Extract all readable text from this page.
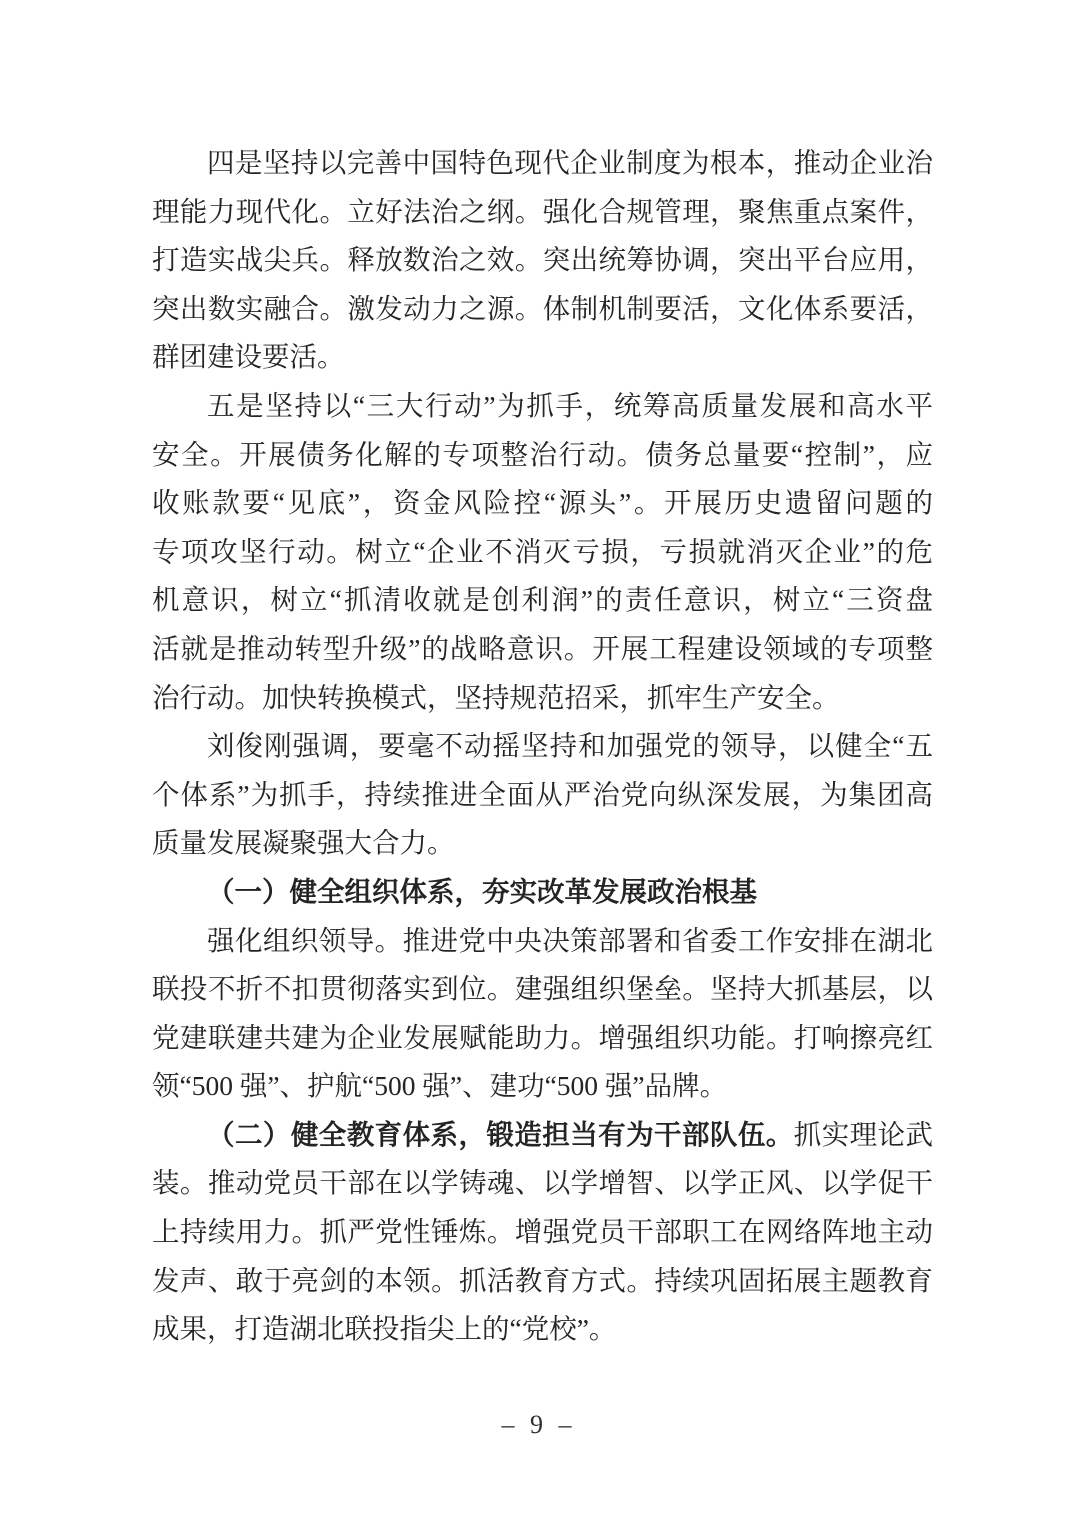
四是坚持以完善中国特色现代企业制度为根本，推动企业治
理能力现代化。立好法治之纲。强化合规管理，聚焦重点案件，
打造实战尖兵。释放数治之效。突出统筹协调，突出平台应用，
突出数实融合。激发动力之源。体制机制要活，文化体系要活，
群团建设要活。
五是坚持以“三大行动”为抓手，统筹高质量发展和高水平
安全。开展债务化解的专项整治行动。债务总量要“控制”，应
收账款要“见底”，资金风险控“源头”。开展历史遗留问题的
专项攻坚行动。树立“企业不消灭亏损，亏损就消灭企业”的危
机意识，树立“抓清收就是创利润”的责任意识，树立“三资盘
活就是推动转型升级”的战略意识。开展工程建设领域的专项整
治行动。加快转换模式，坚持规范招采，抓牢生产安全。
刘俊刚强调，要毫不动摇坚持和加强党的领导，以健全“五
个体系”为抓手，持续推进全面从严治党向纵深发展，为集团高
质量发展凝聚强大合力。
（一）健全组织体系，夯实改革发展政治根基
强化组织领导。推进党中央决策部署和省委工作安排在湖北
联投不折不扣贯彻落实到位。建强组织堡垒。坚持大抓基层，以
党建联建共建为企业发展赋能助力。增强组织功能。打响擦亮红
领“500 强”、护航“500 强”、建功“500 强”品牌。
（二）健全教育体系，锻造担当有为干部队伍。抓实理论武
装。推动党员干部在以学铸魂、以学增智、以学正风、以学促干
上持续用力。抓严党性锤炼。增强党员干部职工在网络阵地主动
发声、敢于亮剑的本领。抓活教育方式。持续巩固拓展主题教育
成果，打造湖北联投指尖上的“党校”。
– 9 –
